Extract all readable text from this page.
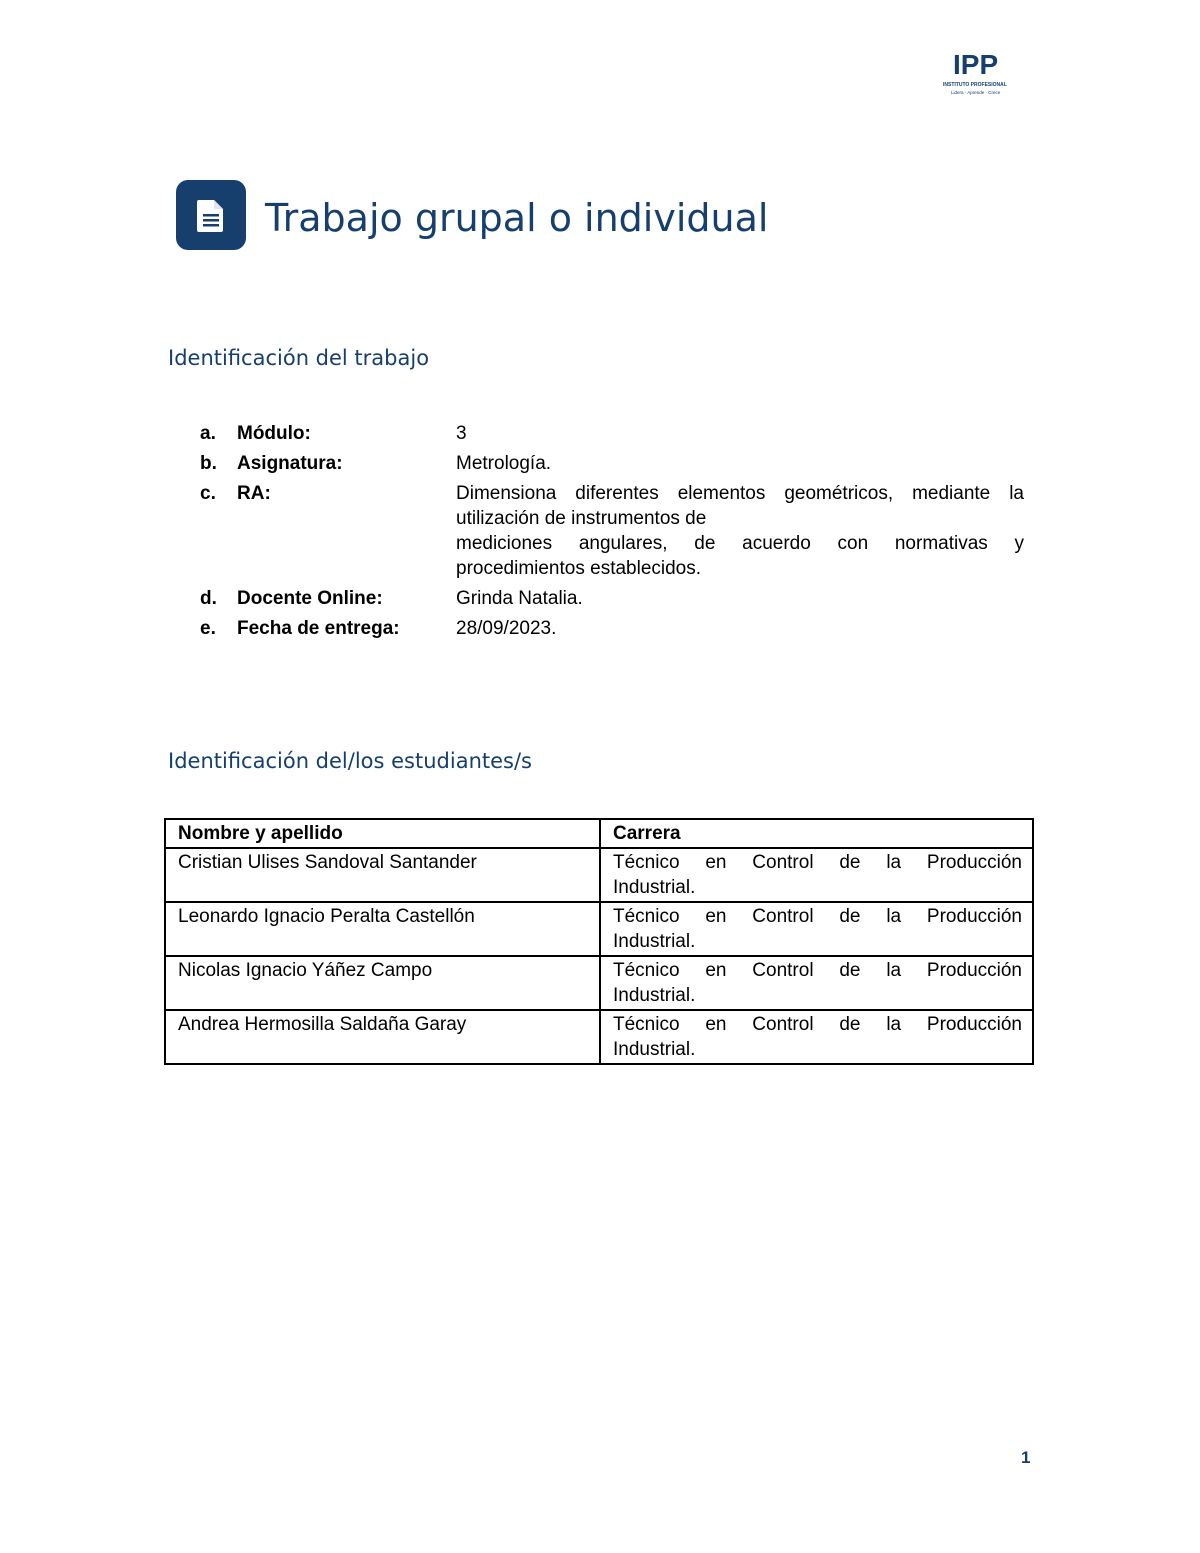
IPP
INSTITUTO PROFESIONAL
Lidera · Aprende · Crece
Trabajo grupal o individual
Identificación del trabajo
a.	Módulo:	3
b.	Asignatura:	Metrología.
c.	RA:	Dimensiona diferentes elementos geométricos, mediante la

utilización de instrumentos de

mediciones angulares, de acuerdo con normativas y

procedimientos establecidos.

d.	Docente Online:	Grinda Natalia.
e.	Fecha de entrega:	28/09/2023.
Identificación del/los estudiantes/s
Nombre y apellido	Carrera
Cristian Ulises Sandoval Santander	Técnico en Control de la Producción
Industrial.
Leonardo Ignacio Peralta Castellón	Técnico en Control de la Producción
Industrial.
Nicolas Ignacio Yáñez Campo	Técnico en Control de la Producción
Industrial.
Andrea Hermosilla Saldaña Garay	Técnico en Control de la Producción
Industrial.
1
